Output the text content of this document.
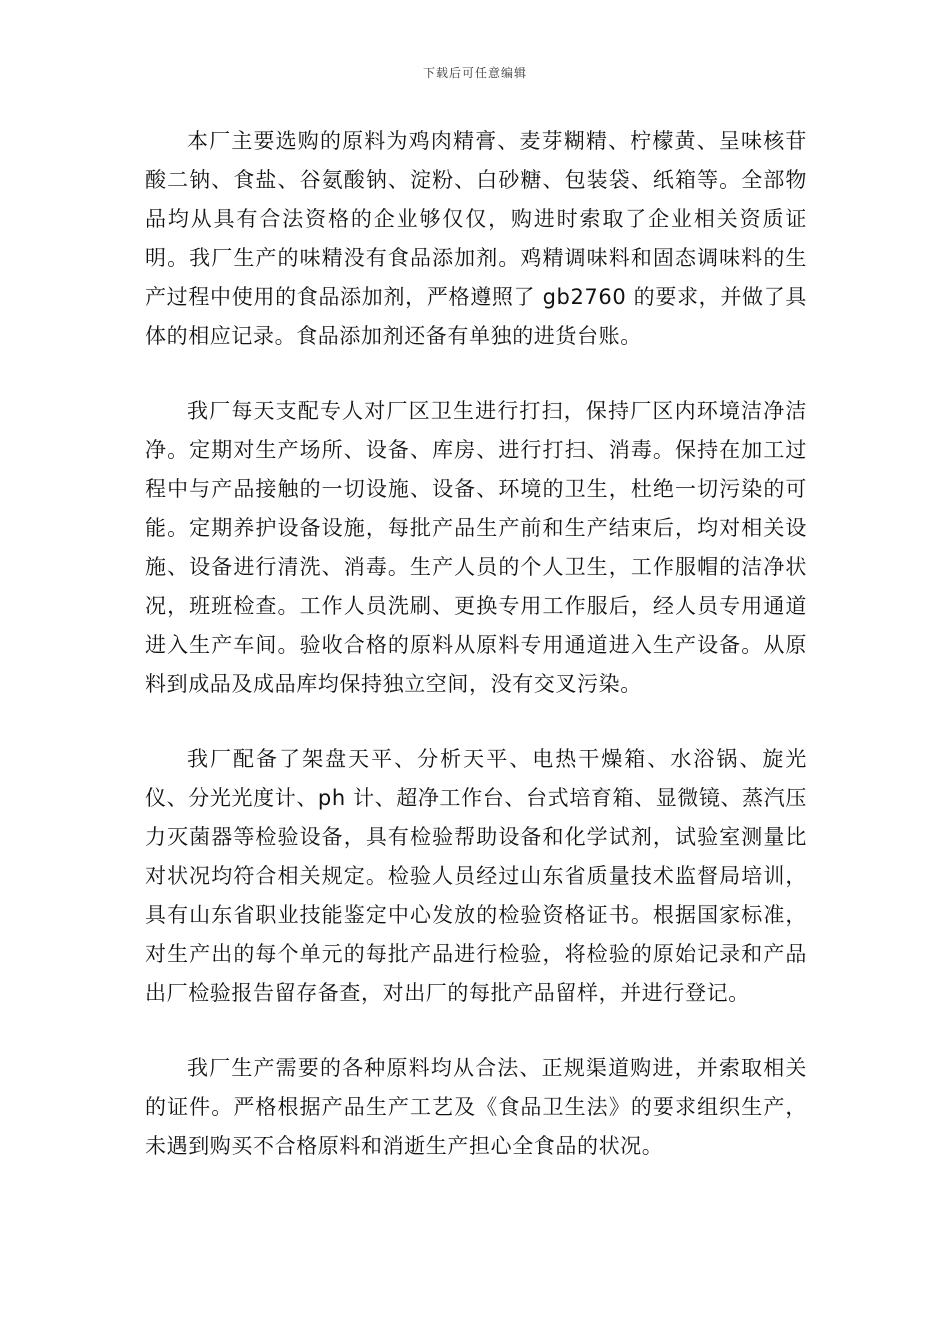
下载后可任意编辑

本厂主要选购的原料为鸡肉精膏、麦芽糊精、柠檬黄、呈味核苷酸二钠、食盐、谷氨酸钠、淀粉、白砂糖、包装袋、纸箱等。全部物品均从具有合法资格的企业够仅仅，购进时索取了企业相关资质证明。我厂生产的味精没有食品添加剂。鸡精调味料和固态调味料的生产过程中使用的食品添加剂，严格遵照了 gb2760 的要求，并做了具体的相应记录。食品添加剂还备有单独的进货台账。

我厂每天支配专人对厂区卫生进行打扫，保持厂区内环境洁净洁净。定期对生产场所、设备、库房、进行打扫、消毒。保持在加工过程中与产品接触的一切设施、设备、环境的卫生，杜绝一切污染的可能。定期养护设备设施，每批产品生产前和生产结束后，均对相关设施、设备进行清洗、消毒。生产人员的个人卫生，工作服帽的洁净状况，班班检查。工作人员洗刷、更换专用工作服后，经人员专用通道进入生产车间。验收合格的原料从原料专用通道进入生产设备。从原料到成品及成品库均保持独立空间，没有交叉污染。

我厂配备了架盘天平、分析天平、电热干燥箱、水浴锅、旋光仪、分光光度计、ph 计、超净工作台、台式培育箱、显微镜、蒸汽压力灭菌器等检验设备，具有检验帮助设备和化学试剂，试验室测量比对状况均符合相关规定。检验人员经过山东省质量技术监督局培训，具有山东省职业技能鉴定中心发放的检验资格证书。根据国家标准，对生产出的每个单元的每批产品进行检验，将检验的原始记录和产品出厂检验报告留存备查，对出厂的每批产品留样，并进行登记。

我厂生产需要的各种原料均从合法、正规渠道购进，并索取相关的证件。严格根据产品生产工艺及《食品卫生法》的要求组织生产，未遇到购买不合格原料和消逝生产担心全食品的状况。
